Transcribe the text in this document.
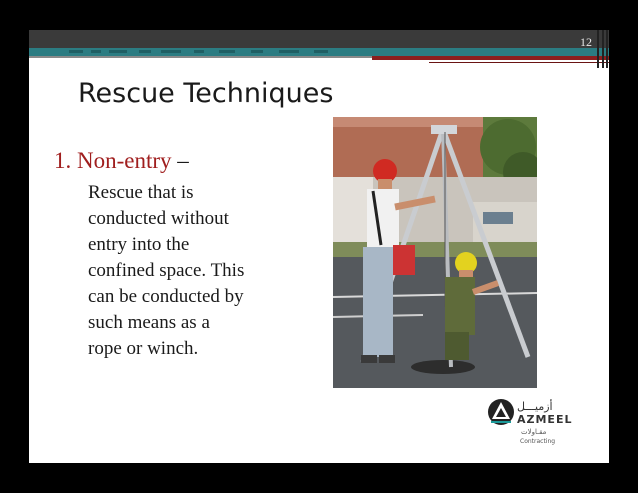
12
Rescue Techniques
1. Non-entry –
Rescue that is
conducted without
entry into the
confined space. This
can be conducted by
such means as a
rope or winch.
أزميـــل
AZMEEL
مقـاولات
Contracting
